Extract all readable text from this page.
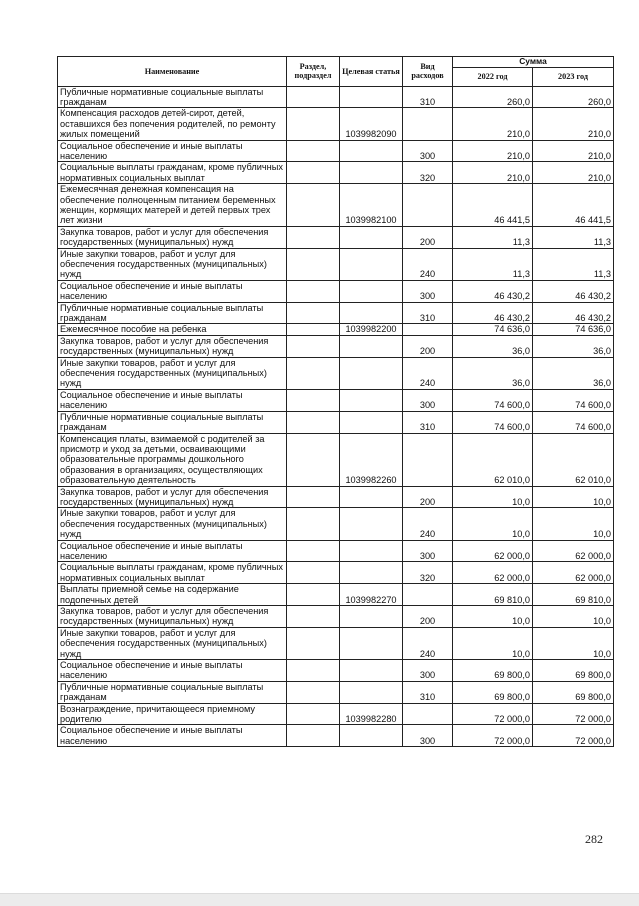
Наименование	Раздел, подраздел	Целевая статья	Вид расходов	Сумма	
				2022 год	2023 год
Публичные нормативные социальные выплаты гражданам			310	260,0	260,0
Компенсация расходов детей-сирот, детей, оставшихся без попечения родителей, по ремонту жилых помещений		1039982090		210,0	210,0
Социальное обеспечение и иные выплаты населению			300	210,0	210,0
Социальные выплаты гражданам, кроме публичных нормативных социальных выплат			320	210,0	210,0
Ежемесячная денежная компенсация на обеспечение полноценным питанием беременных женщин, кормящих матерей и детей первых трех лет жизни		1039982100		46 441,5	46 441,5
Закупка товаров, работ и услуг для обеспечения государственных (муниципальных) нужд			200	11,3	11,3
Иные закупки товаров, работ и услуг для обеспечения государственных (муниципальных) нужд			240	11,3	11,3
Социальное обеспечение и иные выплаты населению			300	46 430,2	46 430,2
Публичные нормативные социальные выплаты гражданам			310	46 430,2	46 430,2
Ежемесячное пособие на ребенка		1039982200		74 636,0	74 636,0
Закупка товаров, работ и услуг для обеспечения государственных (муниципальных) нужд			200	36,0	36,0
Иные закупки товаров, работ и услуг для обеспечения государственных (муниципальных) нужд			240	36,0	36,0
Социальное обеспечение и иные выплаты населению			300	74 600,0	74 600,0
Публичные нормативные социальные выплаты гражданам			310	74 600,0	74 600,0
Компенсация платы, взимаемой с родителей за присмотр и уход за детьми, осваивающими образовательные программы дошкольного образования в организациях, осуществляющих образовательную деятельность		1039982260		62 010,0	62 010,0
Закупка товаров, работ и услуг для обеспечения государственных (муниципальных) нужд			200	10,0	10,0
Иные закупки товаров, работ и услуг для обеспечения государственных (муниципальных) нужд			240	10,0	10,0
Социальное обеспечение и иные выплаты населению			300	62 000,0	62 000,0
Социальные выплаты гражданам, кроме публичных нормативных социальных выплат			320	62 000,0	62 000,0
Выплаты приемной семье на содержание подопечных детей		1039982270		69 810,0	69 810,0
Закупка товаров, работ и услуг для обеспечения государственных (муниципальных) нужд			200	10,0	10,0
Иные закупки товаров, работ и услуг для обеспечения государственных (муниципальных) нужд			240	10,0	10,0
Социальное обеспечение и иные выплаты населению			300	69 800,0	69 800,0
Публичные нормативные социальные выплаты гражданам			310	69 800,0	69 800,0
Вознаграждение, причитающееся приемному родителю		1039982280		72 000,0	72 000,0
Социальное обеспечение и иные выплаты населению			300	72 000,0	72 000,0
282
